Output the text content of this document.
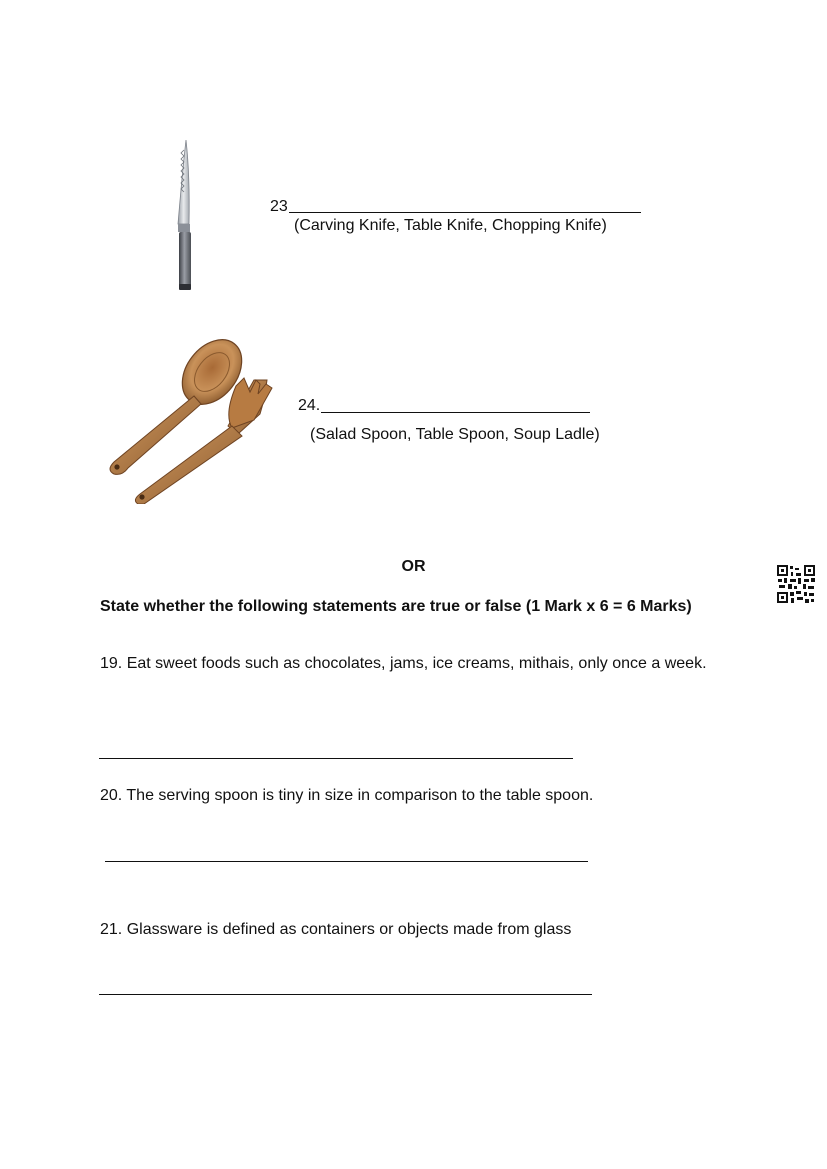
23
(Carving Knife, Table Knife, Chopping Knife)
24.
(Salad Spoon, Table Spoon, Soup Ladle)
OR
State whether the following statements are true or false (1 Mark x 6 = 6 Marks)
19. Eat sweet foods such as chocolates, jams, ice creams, mithais, only once a week.
20. The serving spoon is tiny in size in comparison to the table spoon.
21. Glassware is defined as containers or objects made from glass
